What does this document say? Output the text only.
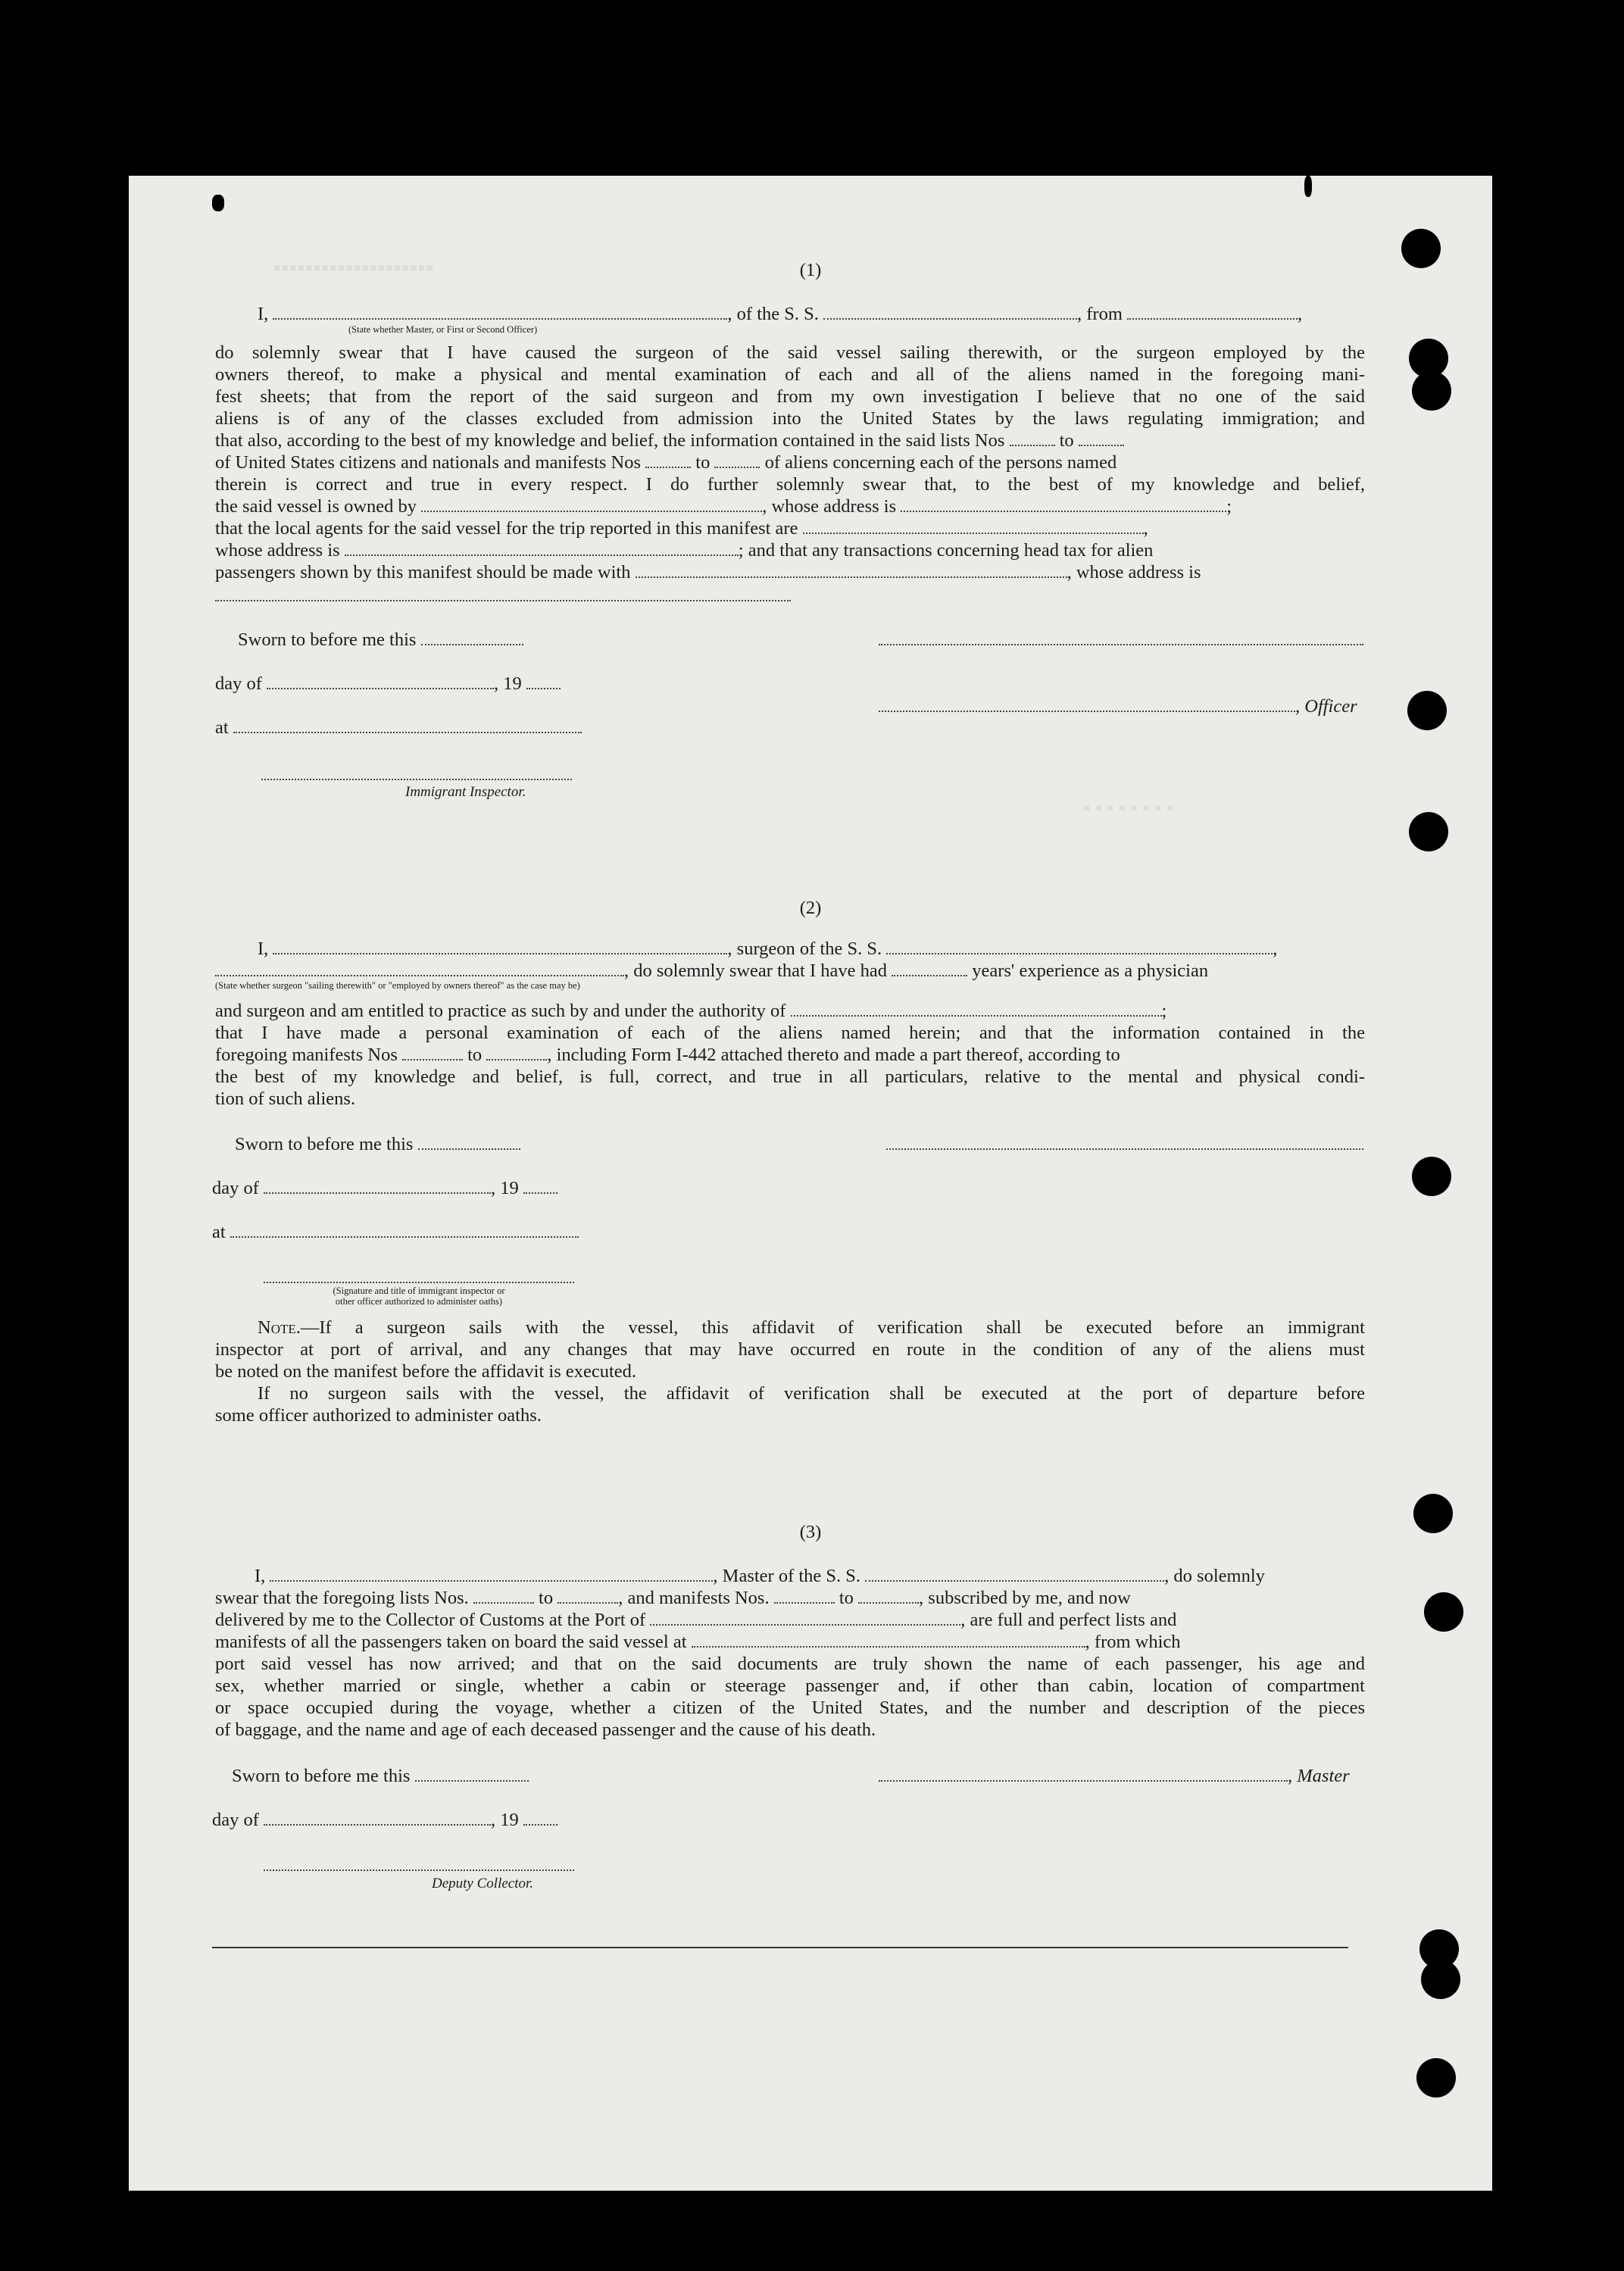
▪▪▪▪▪▪▪▪▪▪▪▪▪▪▪▪▪▪▪▪
▪ ▪ ▪ ▪ ▪ ▪ ▪ ▪
(1)
I,	, of the S. S.	, from	,
(State whether Master, or First or Second Officer)
do solemnly swear that I have caused the surgeon of the said vessel sailing therewith, or the surgeon employed by the
owners thereof, to make a physical and mental examination of each and all of the aliens named in the foregoing mani-
fest sheets; that from the report of the said surgeon and from my own investigation I believe that no one of the said
aliens is of any of the classes excluded from admission into the United States by the laws regulating immigration; and
that also, according to the best of my knowledge and belief, the information contained in the said lists Nos	to
of United States citizens and nationals and manifests Nos	to	of aliens concerning each of the persons named
therein is correct and true in every respect. I do further solemnly swear that, to the best of my knowledge and belief,
the said vessel is owned by	, whose address is	;
that the local agents for the said vessel for the trip reported in this manifest are	,
whose address is	; and that any transactions concerning head tax for alien
passengers shown by this manifest should be made with	, whose address is
Sworn to before me this
day of	, 19
, Officer
at
Immigrant Inspector.
(2)
I,	, surgeon of the S. S.	,
, do solemnly swear that I have had	years' experience as a physician
(State whether surgeon "sailing therewith" or "employed by owners thereof" as the case may be)
and surgeon and am entitled to practice as such by and under the authority of	;
that I have made a personal examination of each of the aliens named herein; and that the information contained in the
foregoing manifests Nos	to	, including Form I-442 attached thereto and made a part thereof, according to
the best of my knowledge and belief, is full, correct, and true in all particulars, relative to the mental and physical condi-
tion of such aliens.
Sworn to before me this
day of	, 19
at
(Signature and title of immigrant inspector or
other officer authorized to administer oaths)
Note.—If a surgeon sails with the vessel, this affidavit of verification shall be executed before an immigrant
inspector at port of arrival, and any changes that may have occurred en route in the condition of any of the aliens must
be noted on the manifest before the affidavit is executed.
If no surgeon sails with the vessel, the affidavit of verification shall be executed at the port of departure before
some officer authorized to administer oaths.
(3)
I,	, Master of the S. S.	, do solemnly
swear that the foregoing lists Nos.	to	, and manifests Nos.	to	, subscribed by me, and now
delivered by me to the Collector of Customs at the Port of	, are full and perfect lists and
manifests of all the passengers taken on board the said vessel at	, from which
port said vessel has now arrived; and that on the said documents are truly shown the name of each passenger, his age and
sex, whether married or single, whether a cabin or steerage passenger and, if other than cabin, location of compartment
or space occupied during the voyage, whether a citizen of the United States, and the number and description of the pieces
of baggage, and the name and age of each deceased passenger and the cause of his death.
Sworn to before me this	, Master
day of	, 19
Deputy Collector.
